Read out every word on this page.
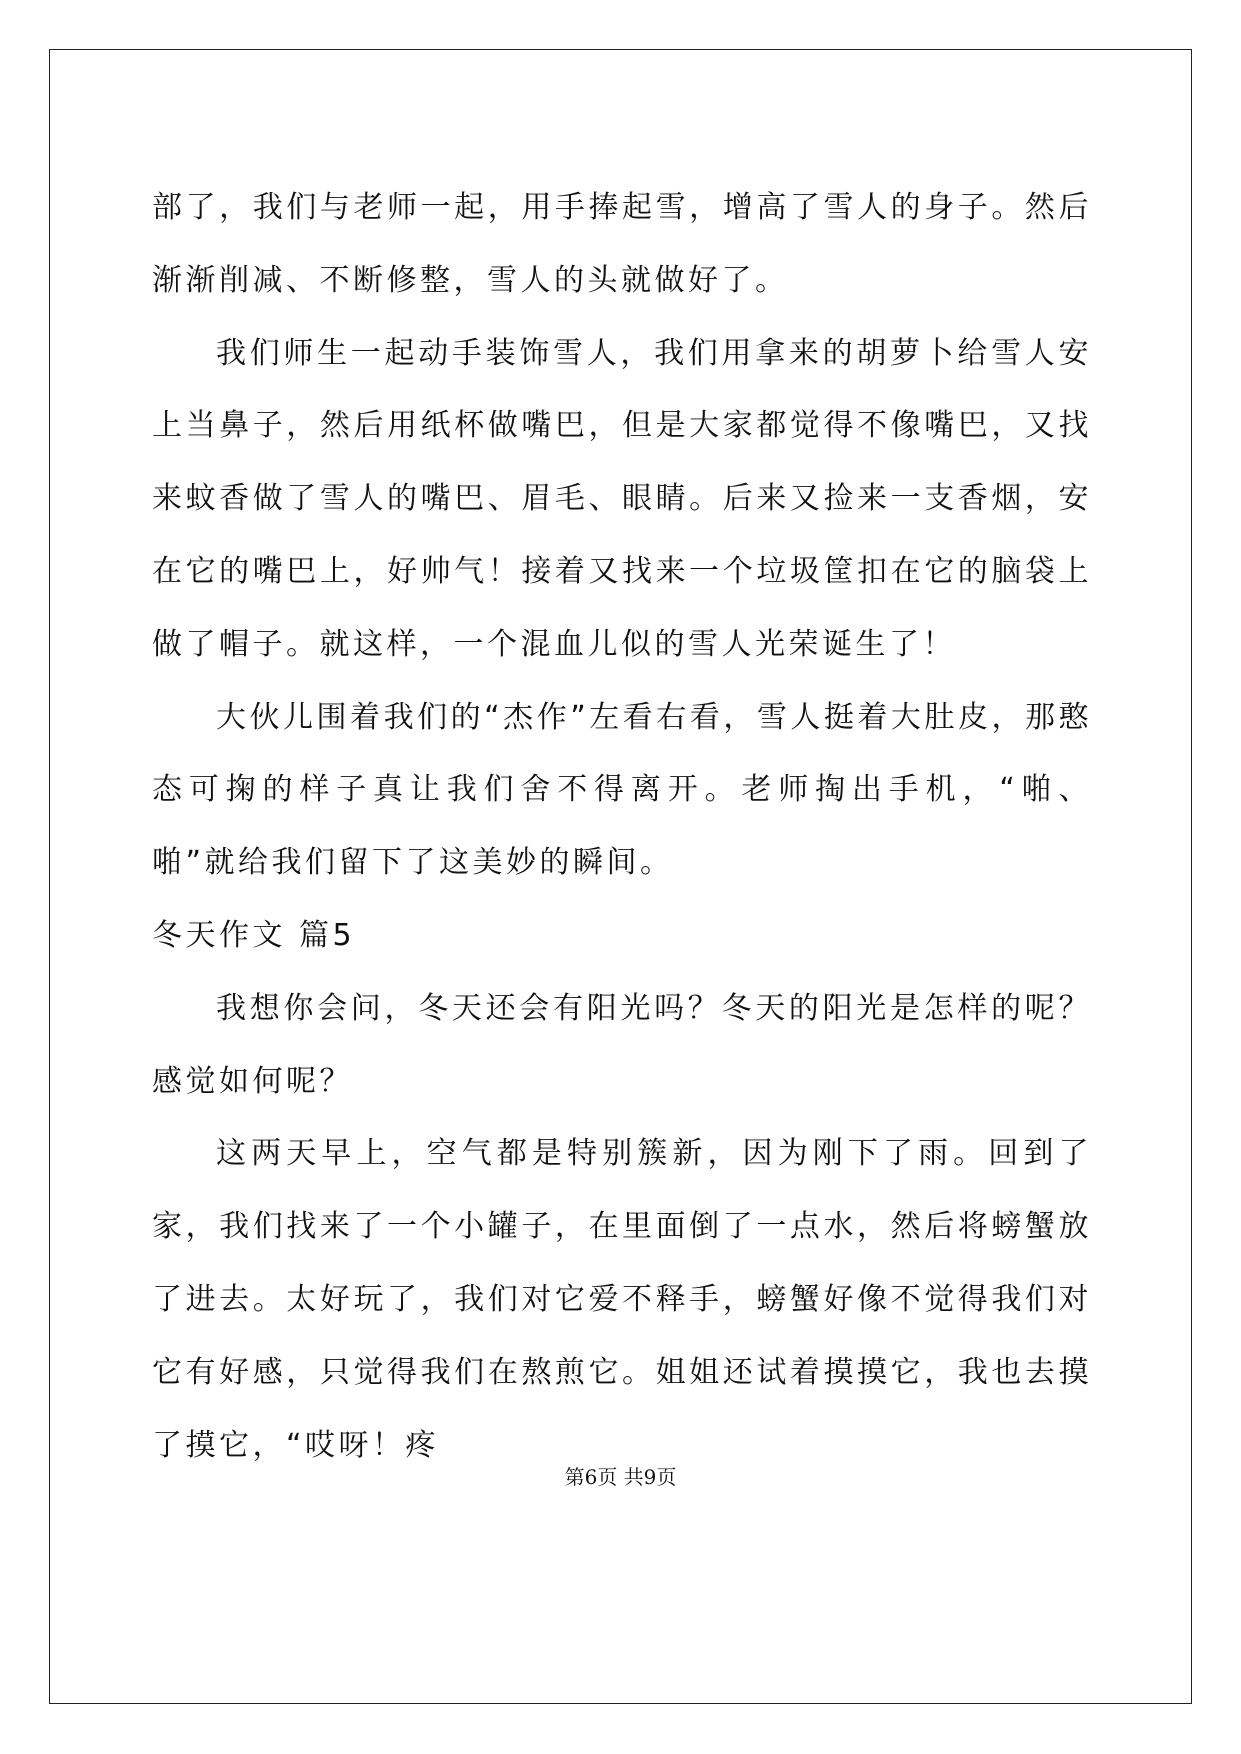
部了，我们与老师一起，用手捧起雪，增高了雪人的身子。然后渐渐削减、不断修整，雪人的头就做好了。

我们师生一起动手装饰雪人，我们用拿来的胡萝卜给雪人安上当鼻子，然后用纸杯做嘴巴，但是大家都觉得不像嘴巴，又找来蚊香做了雪人的嘴巴、眉毛、眼睛。后来又捡来一支香烟，安在它的嘴巴上，好帅气！接着又找来一个垃圾筐扣在它的脑袋上做了帽子。就这样，一个混血儿似的雪人光荣诞生了！

大伙儿围着我们的“杰作”左看右看，雪人挺着大肚皮，那憨态可掬的样子真让我们舍不得离开。老师掏出手机，“啪、啪”就给我们留下了这美妙的瞬间。

冬天作文 篇5

我想你会问，冬天还会有阳光吗？冬天的阳光是怎样的呢？感觉如何呢？

这两天早上，空气都是特别簇新，因为刚下了雨。回到了家，我们找来了一个小罐子，在里面倒了一点水，然后将螃蟹放了进去。太好玩了，我们对它爱不释手，螃蟹好像不觉得我们对它有好感，只觉得我们在熬煎它。姐姐还试着摸摸它，我也去摸了摸它，“哎呀！疼

第6页 共9页
